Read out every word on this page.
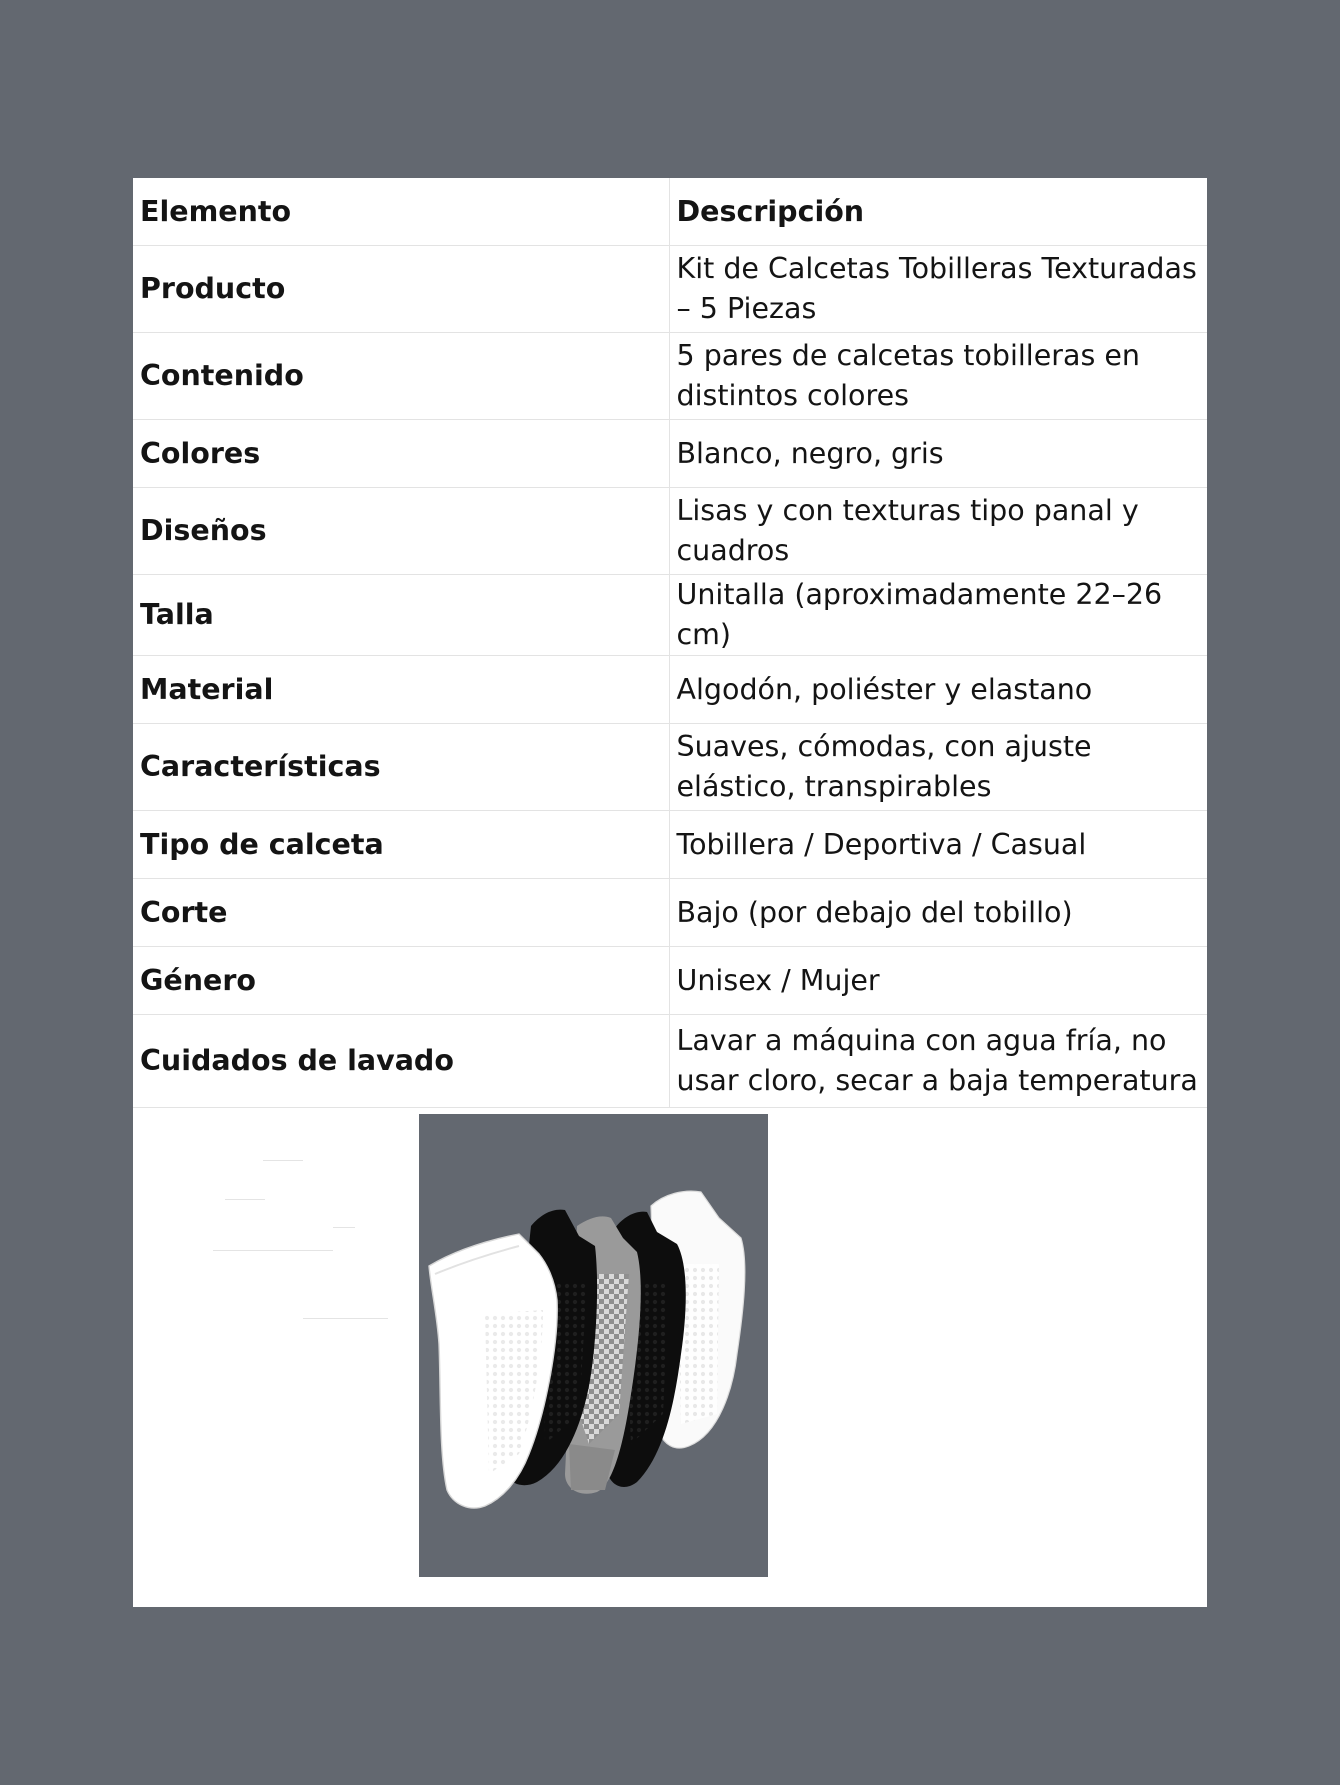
Elemento	Descripción
Producto	Kit de Calcetas Tobilleras Texturadas – 5 Piezas
Contenido	5 pares de calcetas tobilleras en distintos colores
Colores	Blanco, negro, gris
Diseños	Lisas y con texturas tipo panal y cuadros
Talla	Unitalla (aproximadamente 22–26 cm)
Material	Algodón, poliéster y elastano
Características	Suaves, cómodas, con ajuste elástico, transpirables
Tipo de calceta	Tobillera / Deportiva / Casual
Corte	Bajo (por debajo del tobillo)
Género	Unisex / Mujer
Cuidados de lavado	Lavar a máquina con agua fría, no usar cloro, secar a baja temperatura
